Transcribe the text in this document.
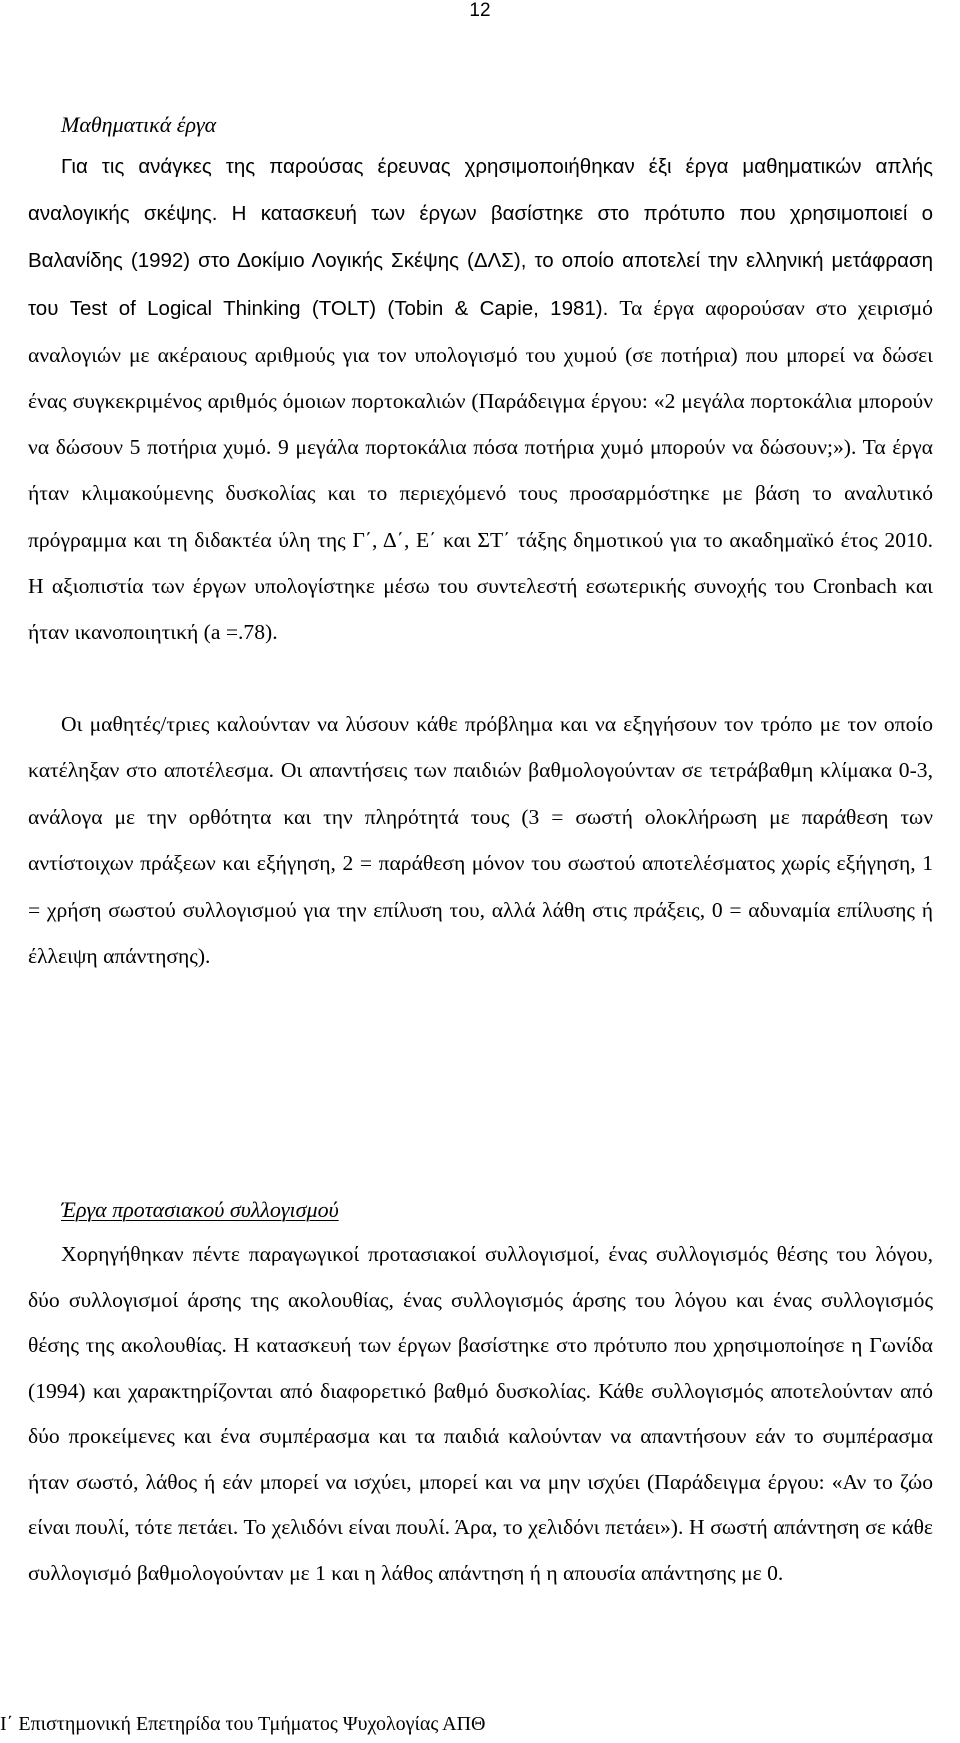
12
Μαθηματικά έργα

Για τις ανάγκες της παρούσας έρευνας χρησιμοποιήθηκαν έξι έργα μαθηματικών απλής αναλογικής σκέψης. Η κατασκευή των έργων βασίστηκε στο πρότυπο που χρησιμοποιεί ο Βαλανίδης (1992) στο Δοκίμιο Λογικής Σκέψης (ΔΛΣ), το οποίο αποτελεί την ελληνική μετάφραση του Test of Logical Thinking (TOLT) (Tobin & Capie, 1981). Τα έργα αφορούσαν στο χειρισμό αναλογιών με ακέραιους αριθμούς για τον υπολογισμό του χυμού (σε ποτήρια) που μπορεί να δώσει ένας συγκεκριμένος αριθμός όμοιων πορτοκαλιών (Παράδειγμα έργου: «2 μεγάλα πορτοκάλια μπορούν να δώσουν 5 ποτήρια χυμό. 9 μεγάλα πορτοκάλια πόσα ποτήρια χυμό μπορούν να δώσουν;»). Τα έργα ήταν κλιμακούμενης δυσκολίας και το περιεχόμενό τους προσαρμόστηκε με βάση το αναλυτικό πρόγραμμα και τη διδακτέα ύλη της Γ΄, Δ΄, Ε΄ και ΣΤ΄ τάξης δημοτικού για το ακαδημαϊκό έτος 2010. Η αξιοπιστία των έργων υπολογίστηκε μέσω του συντελεστή εσωτερικής συνοχής του Cronbach και ήταν ικανοποιητική (a =.78).

Οι μαθητές/τριες καλούνταν να λύσουν κάθε πρόβλημα και να εξηγήσουν τον τρόπο με τον οποίο κατέληξαν στο αποτέλεσμα. Οι απαντήσεις των παιδιών βαθμολογούνταν σε τετράβαθμη κλίμακα 0-3, ανάλογα με την ορθότητα και την πληρότητά τους (3 = σωστή ολοκλήρωση με παράθεση των αντίστοιχων πράξεων και εξήγηση, 2 = παράθεση μόνον του σωστού αποτελέσματος χωρίς εξήγηση, 1 = χρήση σωστού συλλογισμού για την επίλυση του, αλλά λάθη στις πράξεις, 0 = αδυναμία επίλυσης ή έλλειψη απάντησης).

Έργα προτασιακού συλλογισμού

Χορηγήθηκαν πέντε παραγωγικοί προτασιακοί συλλογισμοί, ένας συλλογισμός θέσης του λόγου, δύο συλλογισμοί άρσης της ακολουθίας, ένας συλλογισμός άρσης του λόγου και ένας συλλογισμός θέσης της ακολουθίας. Η κατασκευή των έργων βασίστηκε στο πρότυπο που χρησιμοποίησε η Γωνίδα (1994) και χαρακτηρίζονται από διαφορετικό βαθμό δυσκολίας. Κάθε συλλογισμός αποτελούνταν από δύο προκείμενες και ένα συμπέρασμα και τα παιδιά καλούνταν να απαντήσουν εάν το συμπέρασμα ήταν σωστό, λάθος ή εάν μπορεί να ισχύει, μπορεί και να μην ισχύει (Παράδειγμα έργου: «Αν το ζώο είναι πουλί, τότε πετάει. Το χελιδόνι είναι πουλί. Άρα, το χελιδόνι πετάει»). Η σωστή απάντηση σε κάθε συλλογισμό βαθμολογούνταν με 1 και η λάθος απάντηση ή η απουσία απάντησης με 0.

Ι΄ Επιστημονική Επετηρίδα του Τμήματος Ψυχολογίας ΑΠΘ
